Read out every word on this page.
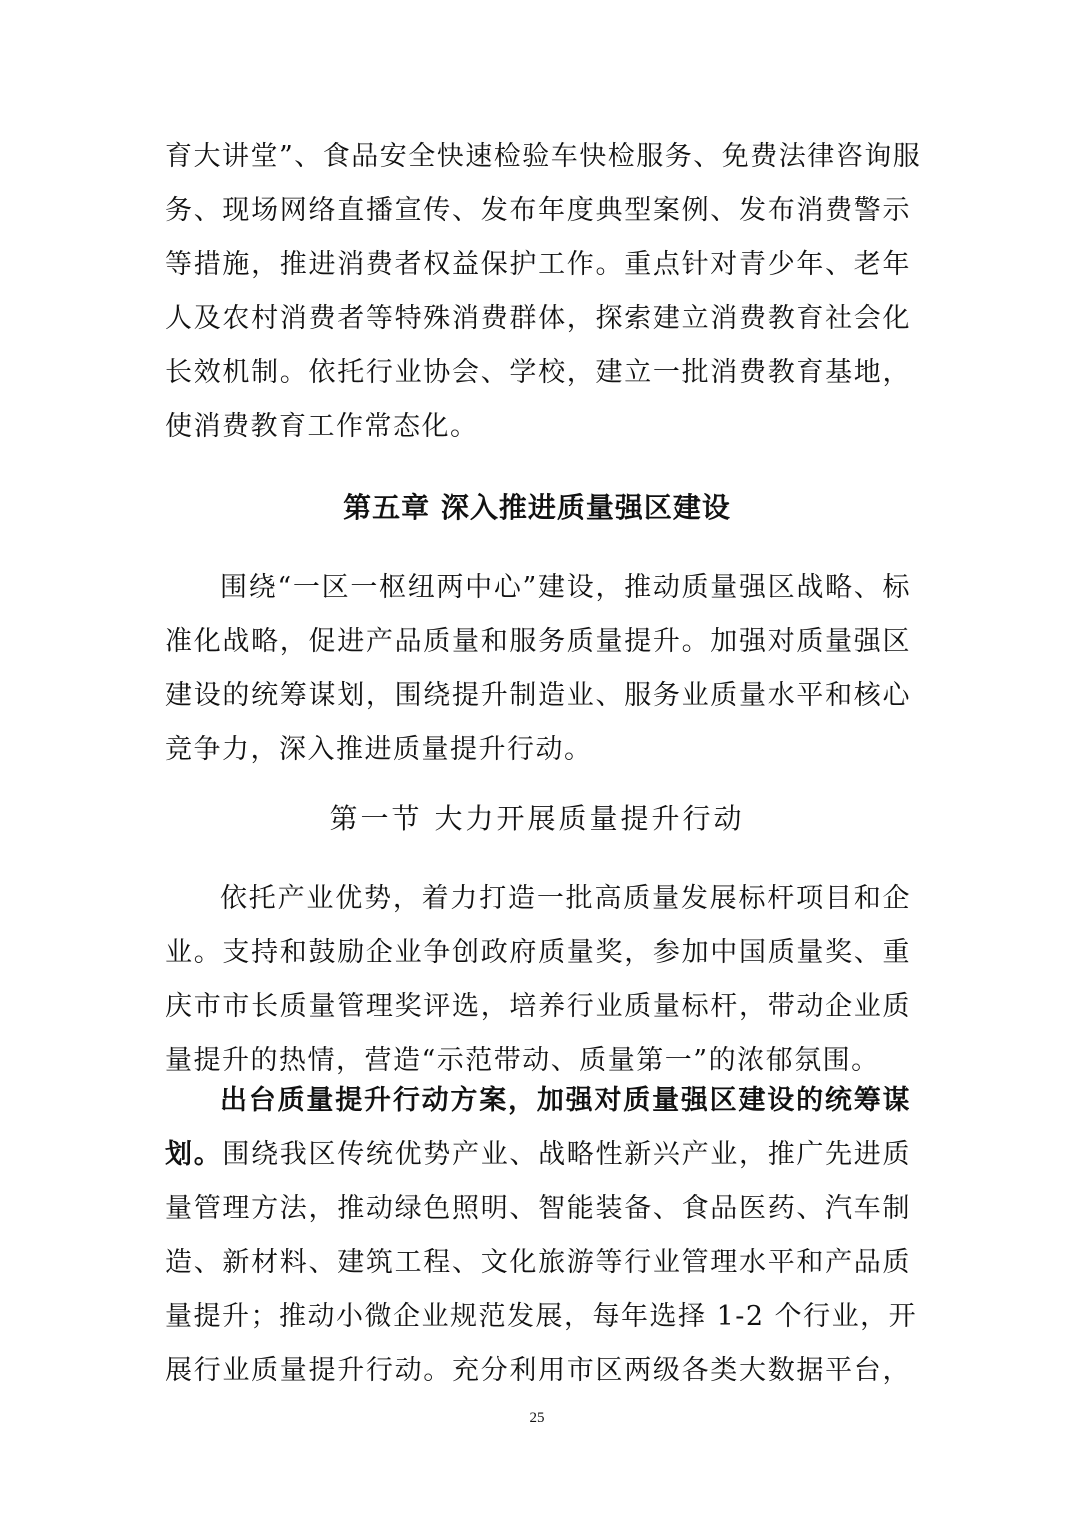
育大讲堂”、食品安全快速检验车快检服务、免费法律咨询服
务、现场网络直播宣传、发布年度典型案例、发布消费警示
等措施，推进消费者权益保护工作。重点针对青少年、老年
人及农村消费者等特殊消费群体，探索建立消费教育社会化
长效机制。依托行业协会、学校，建立一批消费教育基地，
使消费教育工作常态化。
第五章 深入推进质量强区建设
围绕“一区一枢纽两中心”建设，推动质量强区战略、标
准化战略，促进产品质量和服务质量提升。加强对质量强区
建设的统筹谋划，围绕提升制造业、服务业质量水平和核心
竞争力，深入推进质量提升行动。
第一节 大力开展质量提升行动
依托产业优势，着力打造一批高质量发展标杆项目和企
业。支持和鼓励企业争创政府质量奖，参加中国质量奖、重
庆市市长质量管理奖评选，培养行业质量标杆，带动企业质
量提升的热情，营造“示范带动、质量第一”的浓郁氛围。
出台质量提升行动方案，加强对质量强区建设的统筹谋
划。围绕我区传统优势产业、战略性新兴产业，推广先进质
量管理方法，推动绿色照明、智能装备、食品医药、汽车制
造、新材料、建筑工程、文化旅游等行业管理水平和产品质
量提升；推动小微企业规范发展，每年选择 1-2 个行业，开
展行业质量提升行动。充分利用市区两级各类大数据平台，
25
